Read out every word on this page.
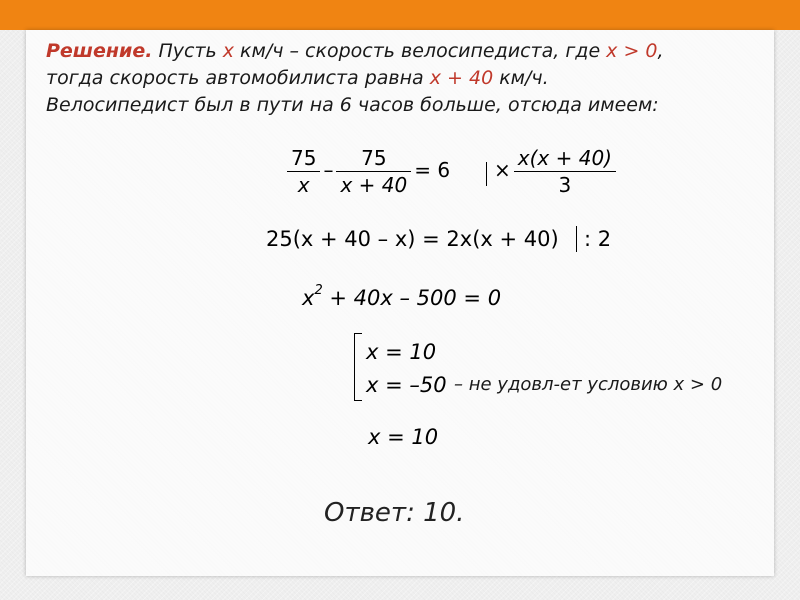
Решение. Пусть x км/ч – скорость велосипедиста, где x > 0,
тогда скорость автомобилиста равна x + 40 км/ч.
Велосипедист был в пути на 6 часов больше, отсюда имеем:
$\frac{75}{x} - \frac{75}{x + 40} = 6 \times \frac{x(x + 40)}{3}$
25(x + 40 – x) = 2x(x + 40) : 2
$x^2 + 40x - 500 = 0$
x = 10
x = –50 – не удовл-ет условию x > 0
x = 10
Ответ: 10.
